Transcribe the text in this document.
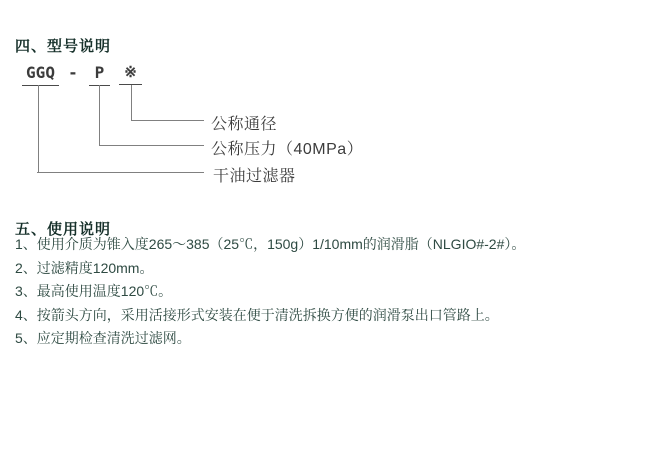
四、型号说明
GGQ -	P	※
公称通径
公称压力（40MPa）
干油过滤器
五、使用说明
1、使用介质为锥入度265～385（25℃，150g）1/10mm的润滑脂（NLGIO#-2#）。
2、过滤精度120mm。
3、最高使用温度120℃。
4、按箭头方向，采用活接形式安装在便于清洗拆换方便的润滑泵出口管路上。
5、应定期检查清洗过滤网。
